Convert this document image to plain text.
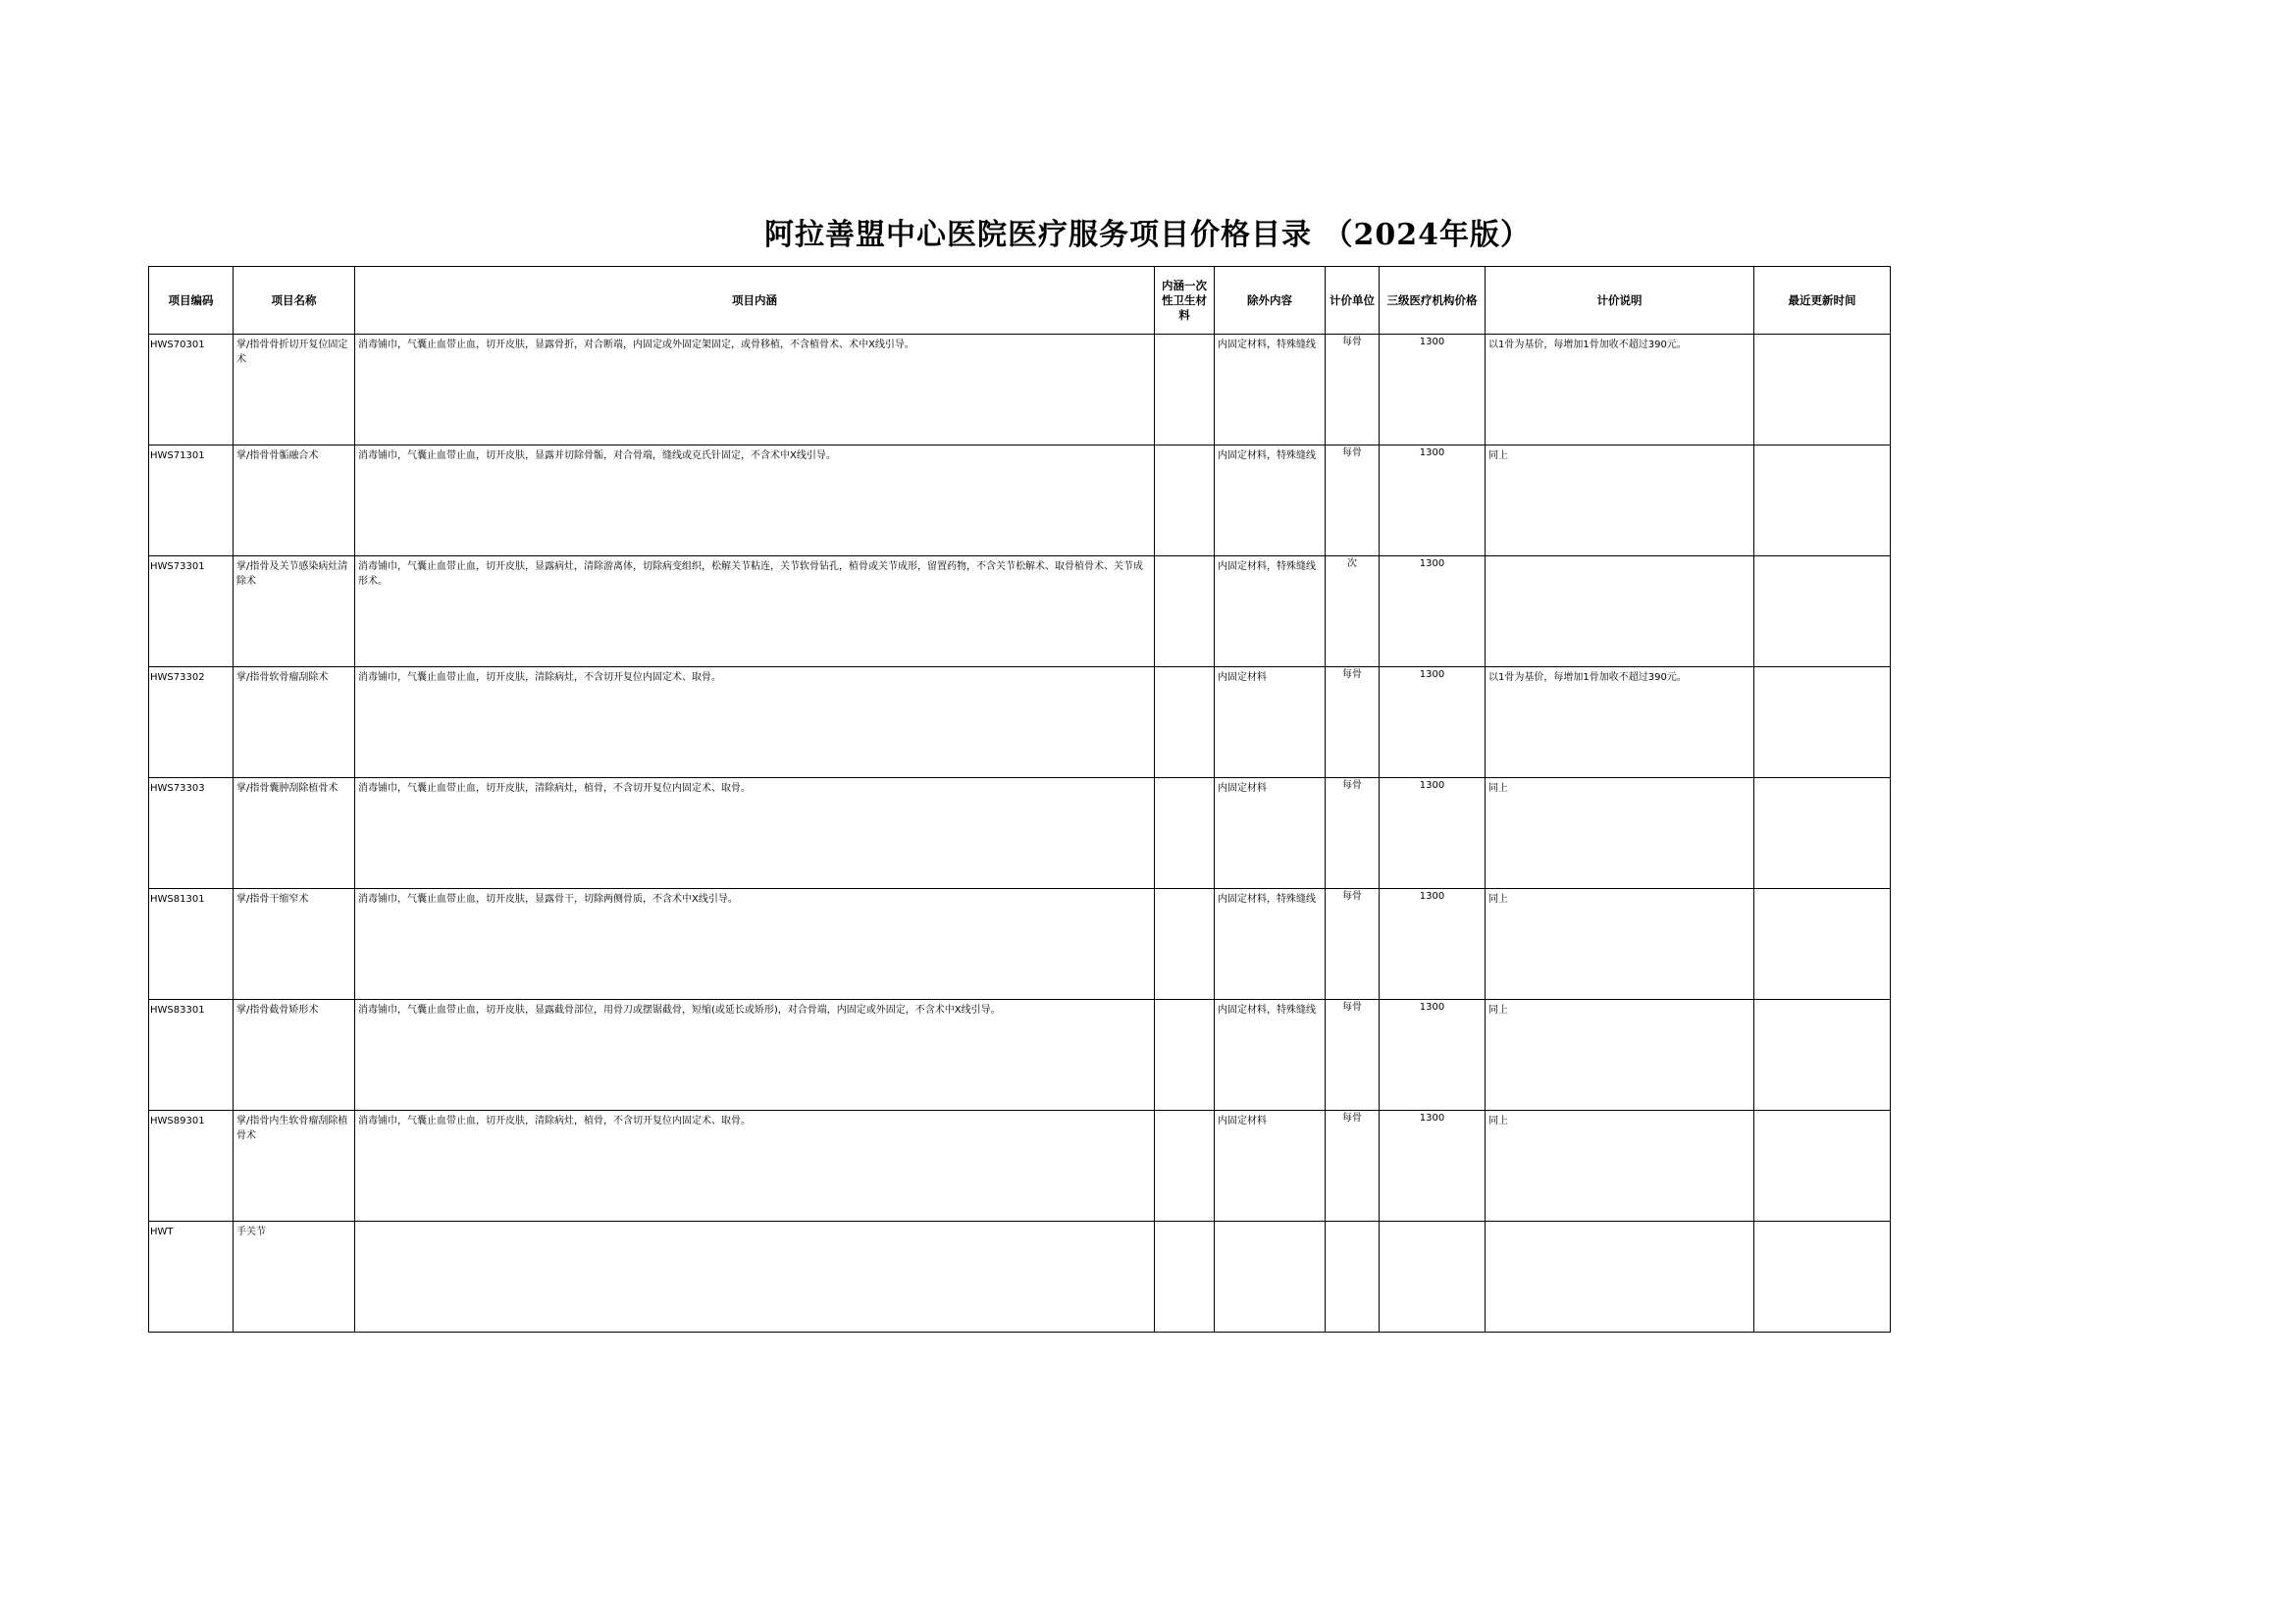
阿拉善盟中心医院医疗服务项目价格目录 （2024年版）
项目编码	项目名称	项目内涵	内涵一次性卫生材料	除外内容	计价单位	三级医疗机构价格	计价说明	最近更新时间

HWS70301	掌/指骨骨折切开复位固定术	消毒铺巾，气囊止血带止血，切开皮肤，显露骨折，对合断端，内固定或外固定架固定，或骨移植，不含植骨术、术中X线引导。		内固定材料，特殊缝线	每骨	1300	以1骨为基价，每增加1骨加收不超过390元。	

HWS71301	掌/指骨骨骺融合术	消毒铺巾，气囊止血带止血，切开皮肤，显露并切除骨骺，对合骨端，缝线或克氏针固定，不含术中X线引导。		内固定材料，特殊缝线	每骨	1300	同上	

HWS73301	掌/指骨及关节感染病灶清除术	消毒铺巾，气囊止血带止血，切开皮肤，显露病灶，清除游离体，切除病变组织，松解关节粘连，关节软骨钻孔，植骨或关节成形，留置药物，不含关节松解术、取骨植骨术、关节成形术。		内固定材料，特殊缝线	次	1300		

HWS73302	掌/指骨软骨瘤刮除术	消毒铺巾，气囊止血带止血，切开皮肤，清除病灶，不含切开复位内固定术、取骨。		内固定材料	每骨	1300	以1骨为基价，每增加1骨加收不超过390元。	

HWS73303	掌/指骨囊肿刮除植骨术	消毒铺巾，气囊止血带止血，切开皮肤，清除病灶，植骨，不含切开复位内固定术、取骨。		内固定材料	每骨	1300	同上	

HWS81301	掌/指骨干缩窄术	消毒铺巾，气囊止血带止血，切开皮肤，显露骨干，切除两侧骨质，不含术中X线引导。		内固定材料，特殊缝线	每骨	1300	同上	

HWS83301	掌/指骨截骨矫形术	消毒铺巾，气囊止血带止血，切开皮肤，显露截骨部位，用骨刀或摆锯截骨，短缩(或延长或矫形)，对合骨端，内固定或外固定，不含术中X线引导。		内固定材料，特殊缝线	每骨	1300	同上	

HWS89301	掌/指骨内生软骨瘤刮除植骨术	消毒铺巾，气囊止血带止血，切开皮肤，清除病灶，植骨，不含切开复位内固定术、取骨。		内固定材料	每骨	1300	同上	

HWT	手关节							
